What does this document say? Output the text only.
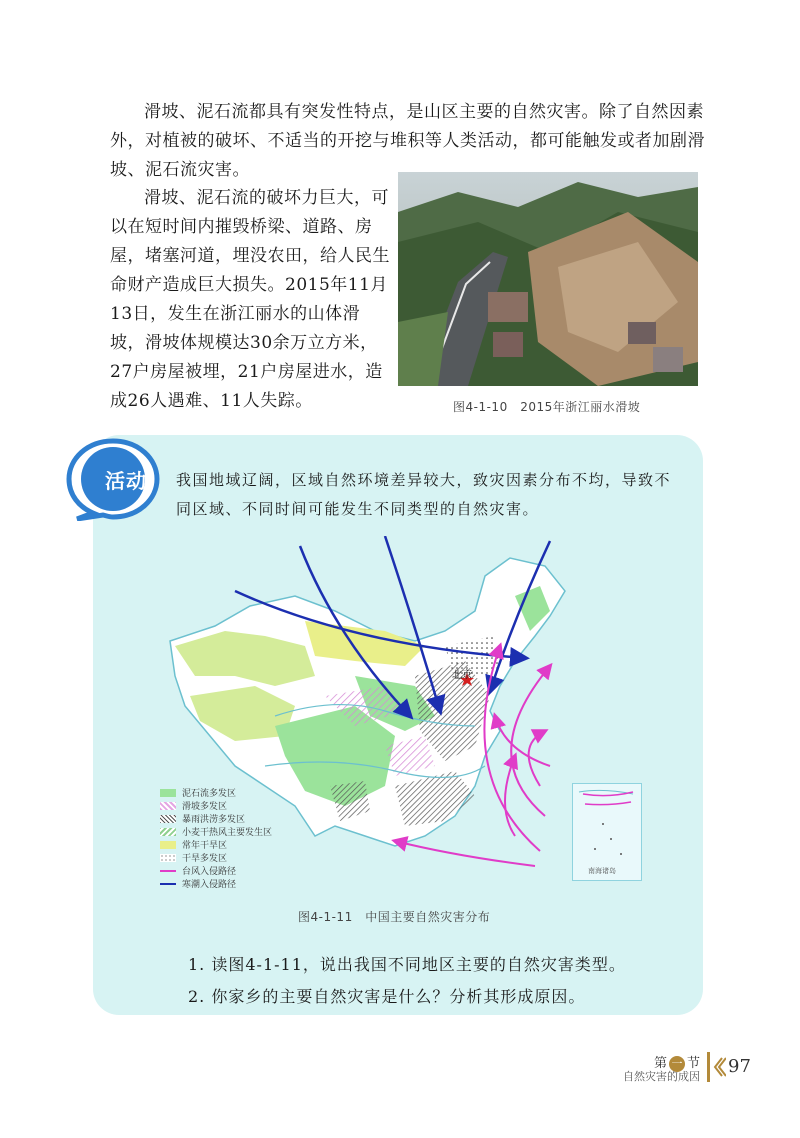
滑坡、泥石流都具有突发性特点，是山区主要的自然灾害。除了自然因素外，对植被的破坏、不适当的开挖与堆积等人类活动，都可能触发或者加剧滑坡、泥石流灾害。

滑坡、泥石流的破坏力巨大，可以在短时间内摧毁桥梁、道路、房屋，堵塞河道，埋没农田，给人民生命财产造成巨大损失。2015年11月13日，发生在浙江丽水的山体滑坡，滑坡体规模达30余万立方米， 27户房屋被埋，21户房屋进水，造成26人遇难、11人失踪。	图4-1-10　2015年浙江丽水滑坡
活动	我国地域辽阔，区域自然环境差异较大，致灾因素分布不均，导致不同区域、不同时间可能发生不同类型的自然灾害。

北京
泥石流多发区
滑坡多发区
暴雨洪涝多发区
小麦干热风主要发生区
常年干旱区
干旱多发区
台风入侵路径
寒潮入侵路径
南海诸岛
图4-1-11　中国主要自然灾害分布
1. 读图4-1-11，说出我国不同地区主要的自然灾害类型。
2. 你家乡的主要自然灾害是什么？分析其形成原因。
第 一 节
自然灾害的成因 97
